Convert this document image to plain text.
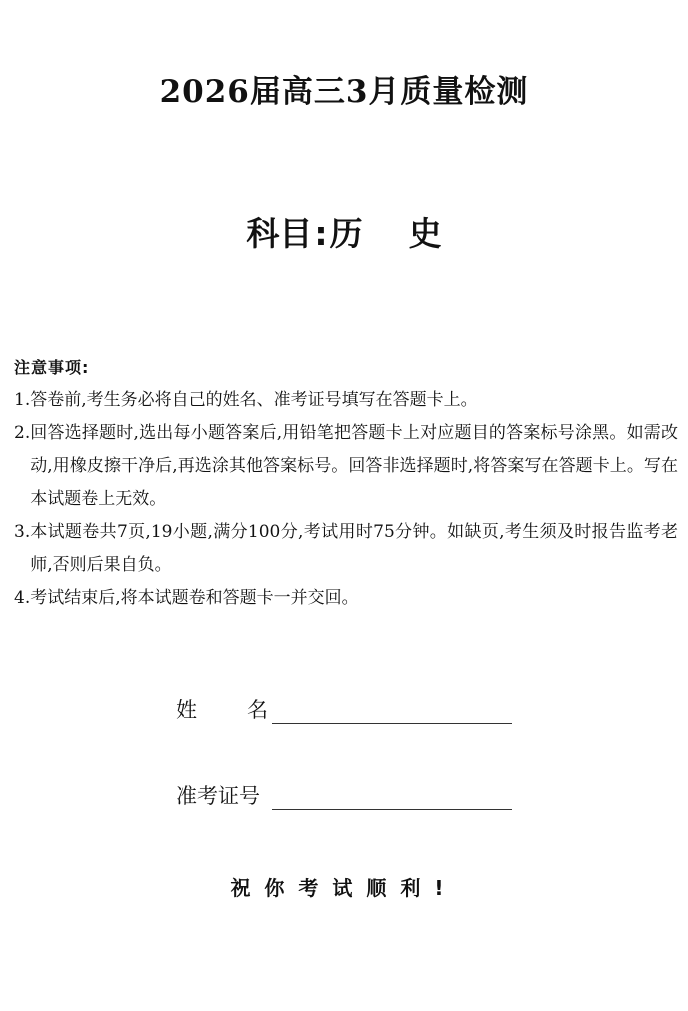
2026届高三3月质量检测
科目:历 史
注意事项:
1. 答卷前,考生务必将自己的姓名、准考证号填写在答题卡上。
2. 回答选择题时,选出每小题答案后,用铅笔把答题卡上对应题目的答案标号涂黑。如需改动,用橡皮擦干净后,再选涂其他答案标号。回答非选择题时,将答案写在答题卡上。写在本试题卷上无效。
3. 本试题卷共7页,19小题,满分100分,考试用时75分钟。如缺页,考生须及时报告监考老师,否则后果自负。
4. 考试结束后,将本试题卷和答题卡一并交回。
姓名
准考证号
祝你考试顺利!
